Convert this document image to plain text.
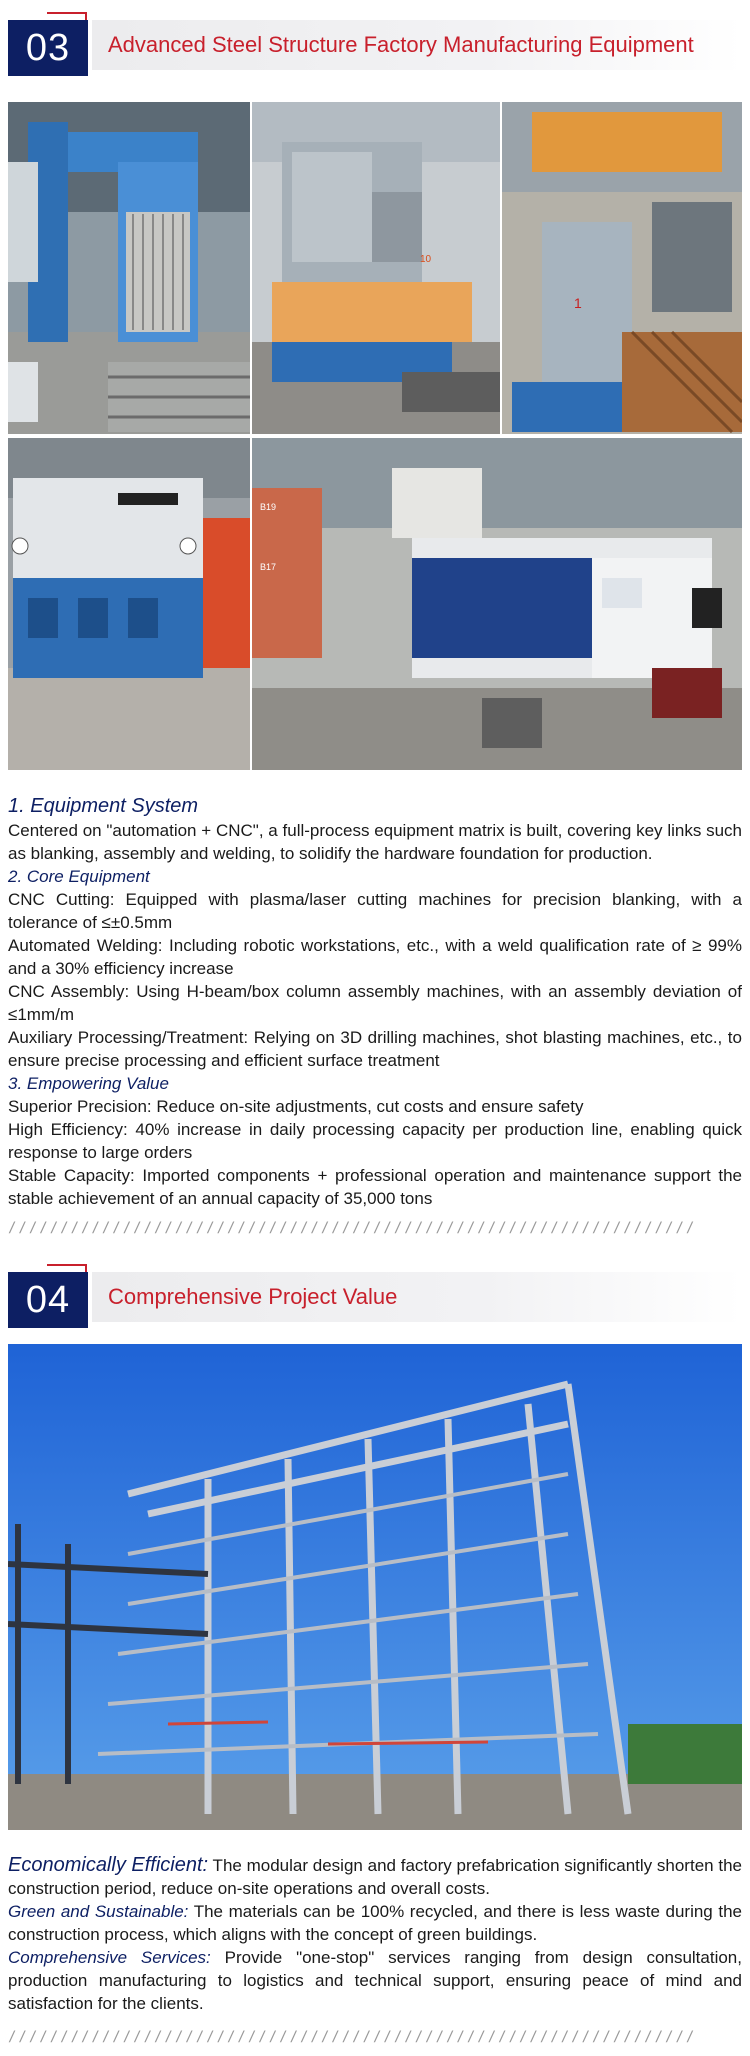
03	Advanced Steel Structure Factory Manufacturing Equipment
10
1
B19
B17
1. Equipment System

Centered on "automation + CNC", a full-process equipment matrix is built, covering key links such as blanking, assembly and welding, to solidify the hardware foundation for production.

2. Core Equipment

CNC Cutting: Equipped with plasma/laser cutting machines for precision blanking, with a tolerance of ≤±0.5mm

Automated Welding: Including robotic workstations, etc., with a weld qualification rate of ≥ 99% and a 30% efficiency increase

CNC Assembly: Using H-beam/box column assembly machines, with an assembly deviation of ≤1mm/m

Auxiliary Processing/Treatment: Relying on 3D drilling machines, shot blasting machines, etc., to ensure precise processing and efficient surface treatment

3. Empowering Value

Superior Precision: Reduce on-site adjustments, cut costs and ensure safety

High Efficiency: 40% increase in daily processing capacity per production line, enabling quick response to large orders

Stable Capacity: Imported components + professional operation and maintenance support the stable achievement of an annual capacity of 35,000 tons

//////////////////////////////////////////////////////////////////
04	Comprehensive Project Value

Economically Efficient: The modular design and factory prefabrication significantly shorten the construction period, reduce on-site operations and overall costs.

Green and Sustainable: The materials can be 100% recycled, and there is less waste during the construction process, which aligns with the concept of green buildings.

Comprehensive Services: Provide "one-stop" services ranging from design consultation, production manufacturing to logistics and technical support, ensuring peace of mind and satisfaction for the clients.

//////////////////////////////////////////////////////////////////
